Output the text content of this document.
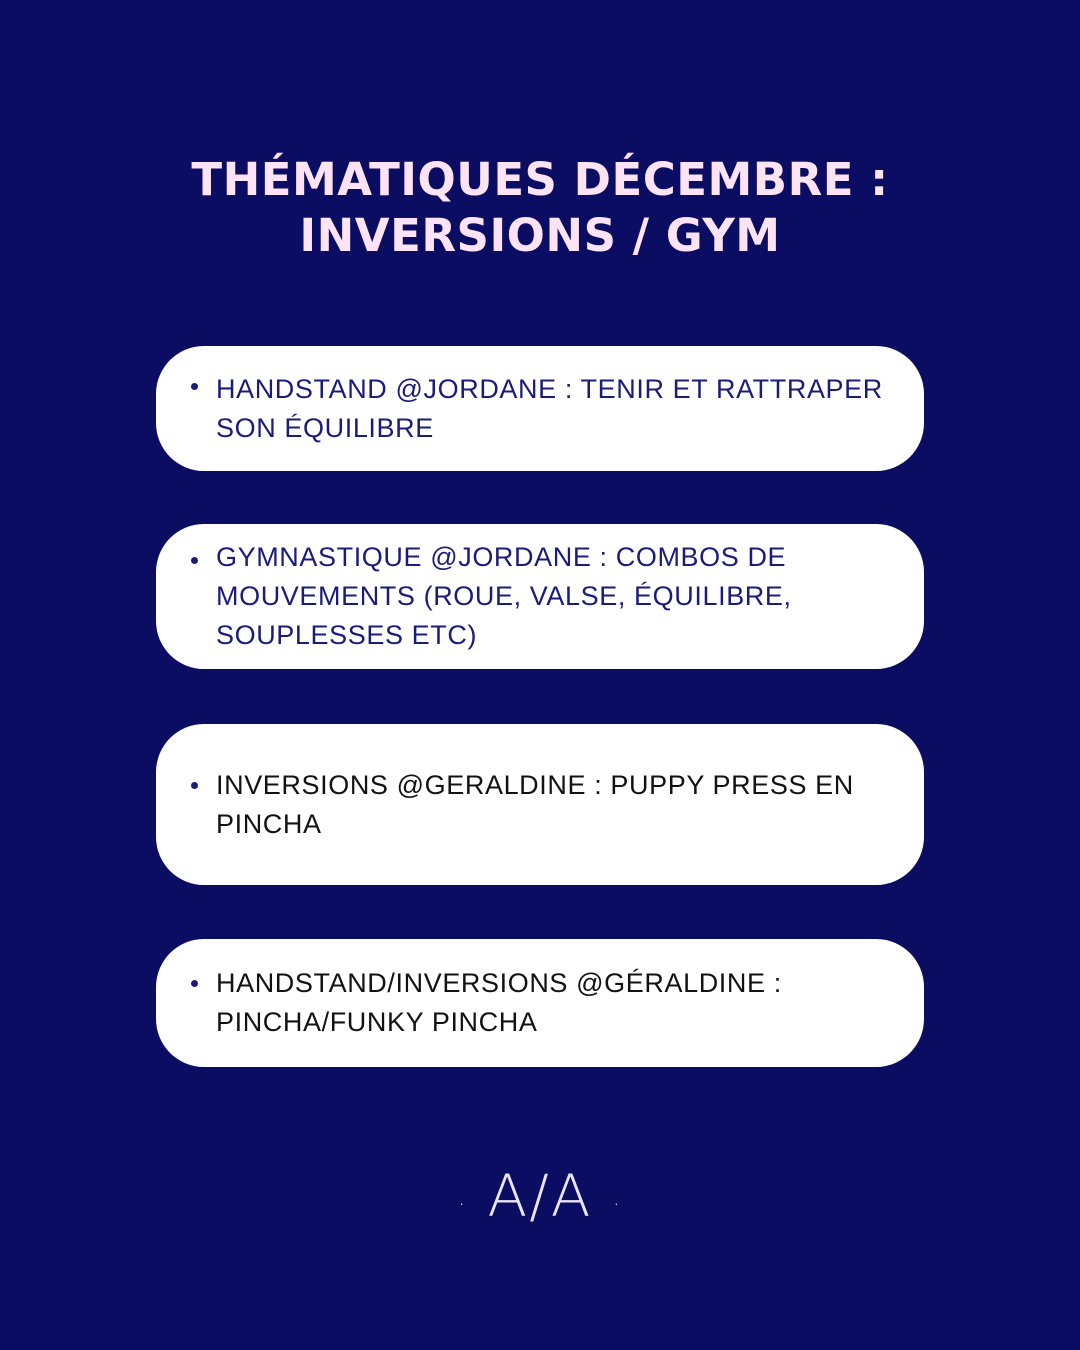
THÉMATIQUES DÉCEMBRE :
INVERSIONS / GYM
HANDSTAND @JORDANE : TENIR ET RATTRAPER SON ÉQUILIBRE
GYMNASTIQUE @JORDANE : COMBOS DE MOUVEMENTS (ROUE, VALSE, ÉQUILIBRE, SOUPLESSES ETC)
INVERSIONS @GERALDINE : PUPPY PRESS EN PINCHA
HANDSTAND/INVERSIONS @GÉRALDINE : PINCHA/FUNKY PINCHA
· A/A ·
